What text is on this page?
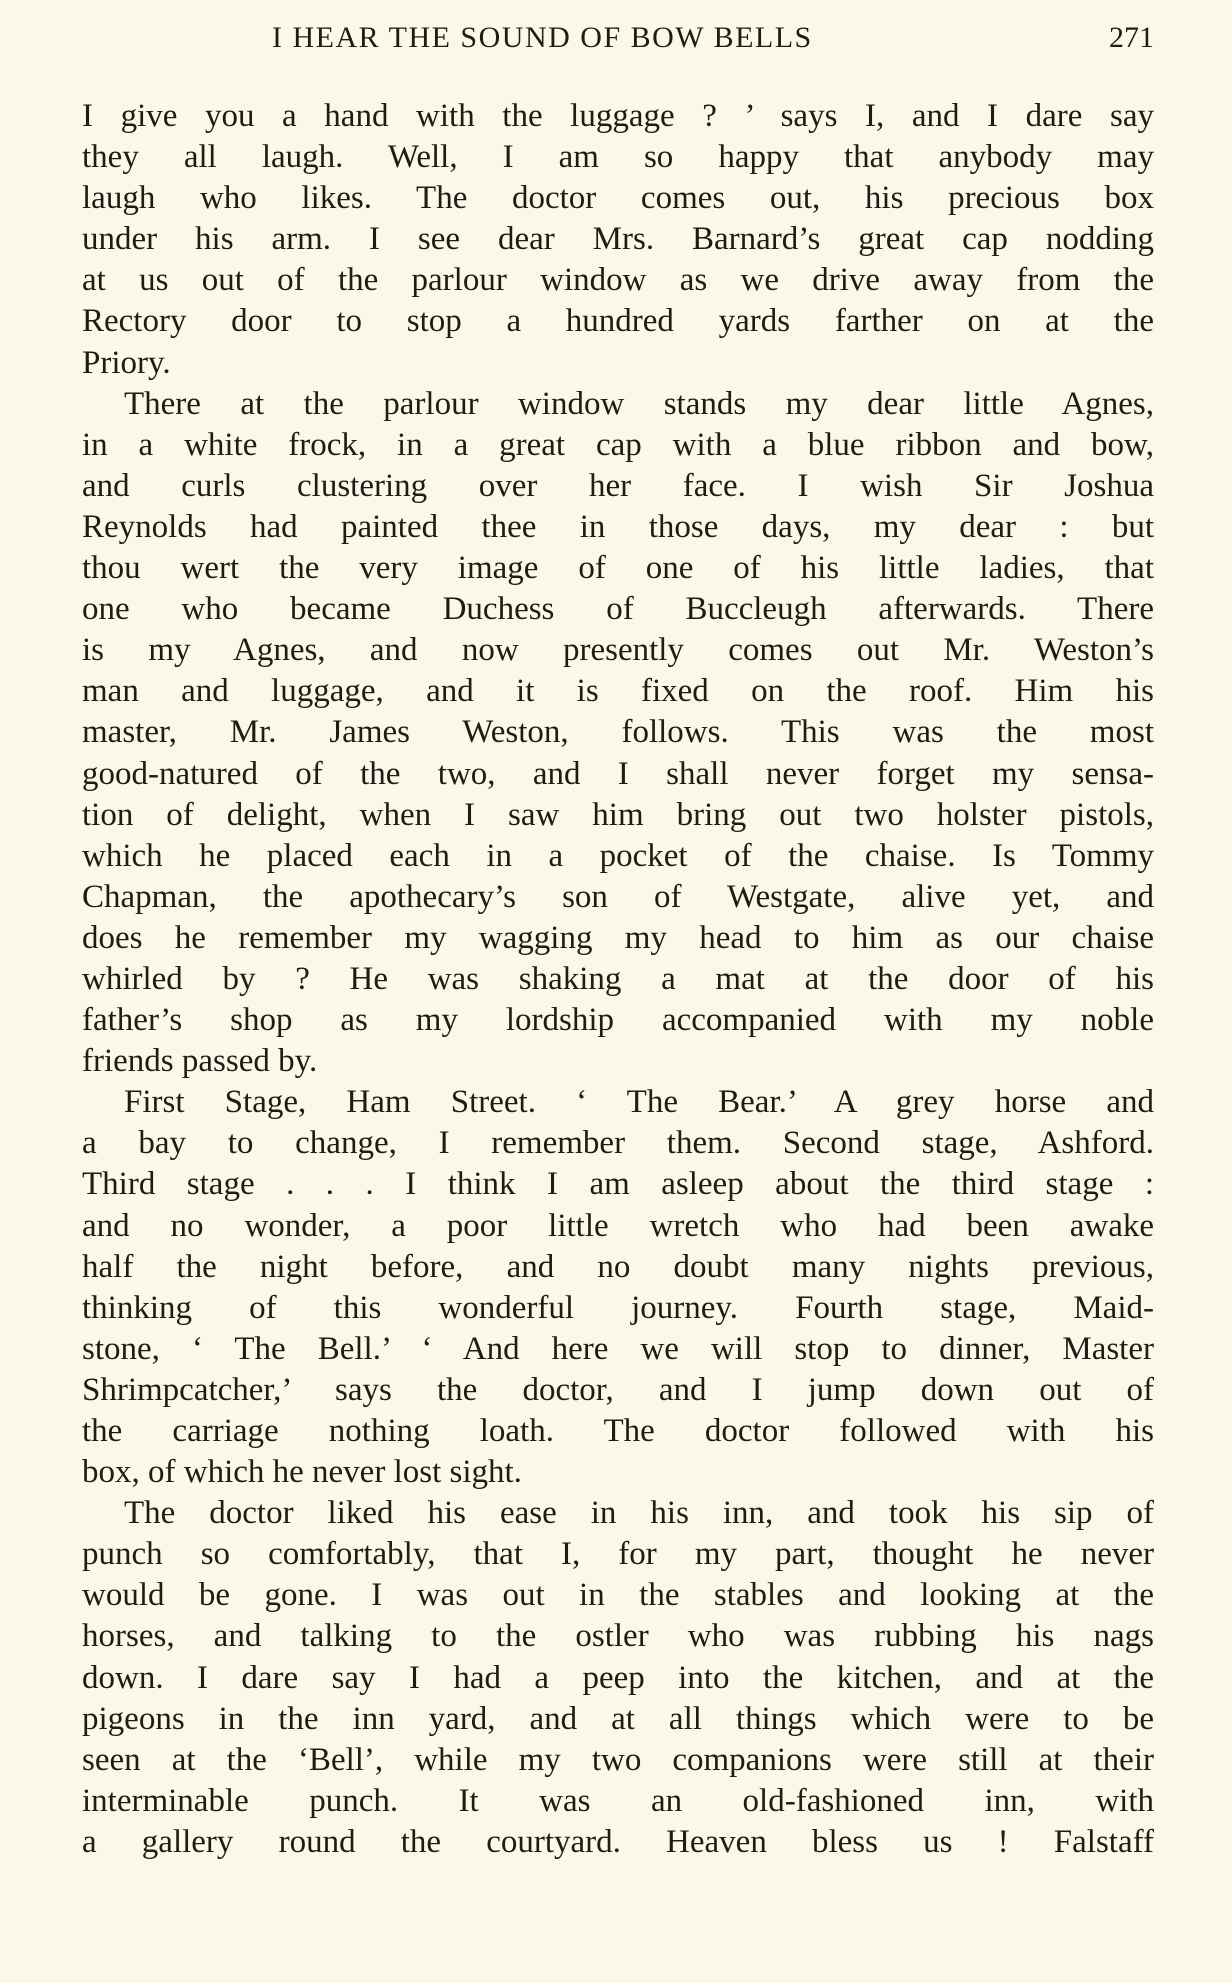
I HEAR THE SOUND OF BOW BELLS	271
I give you a hand with the luggage ? ’ says I, and I dare say
they all laugh. Well, I am so happy that anybody may
laugh who likes. The doctor comes out, his precious box
under his arm. I see dear Mrs. Barnard’s great cap nodding
at us out of the parlour window as we drive away from the
Rectory door to stop a hundred yards farther on at the
Priory.
There at the parlour window stands my dear little Agnes,
in a white frock, in a great cap with a blue ribbon and bow,
and curls clustering over her face. I wish Sir Joshua
Reynolds had painted thee in those days, my dear : but
thou wert the very image of one of his little ladies, that
one who became Duchess of Buccleugh afterwards. There
is my Agnes, and now presently comes out Mr. Weston’s
man and luggage, and it is fixed on the roof. Him his
master, Mr. James Weston, follows. This was the most
good-natured of the two, and I shall never forget my sensa-
tion of delight, when I saw him bring out two holster pistols,
which he placed each in a pocket of the chaise. Is Tommy
Chapman, the apothecary’s son of Westgate, alive yet, and
does he remember my wagging my head to him as our chaise
whirled by ? He was shaking a mat at the door of his
father’s shop as my lordship accompanied with my noble
friends passed by.
First Stage, Ham Street. ‘ The Bear.’ A grey horse and
a bay to change, I remember them. Second stage, Ashford.
Third stage . . . I think I am asleep about the third stage :
and no wonder, a poor little wretch who had been awake
half the night before, and no doubt many nights previous,
thinking of this wonderful journey. Fourth stage, Maid-
stone, ‘ The Bell.’ ‘ And here we will stop to dinner, Master
Shrimpcatcher,’ says the doctor, and I jump down out of
the carriage nothing loath. The doctor followed with his
box, of which he never lost sight.
The doctor liked his ease in his inn, and took his sip of
punch so comfortably, that I, for my part, thought he never
would be gone. I was out in the stables and looking at the
horses, and talking to the ostler who was rubbing his nags
down. I dare say I had a peep into the kitchen, and at the
pigeons in the inn yard, and at all things which were to be
seen at the ‘Bell’, while my two companions were still at their
interminable punch. It was an old-fashioned inn, with
a gallery round the courtyard. Heaven bless us ! Falstaff
